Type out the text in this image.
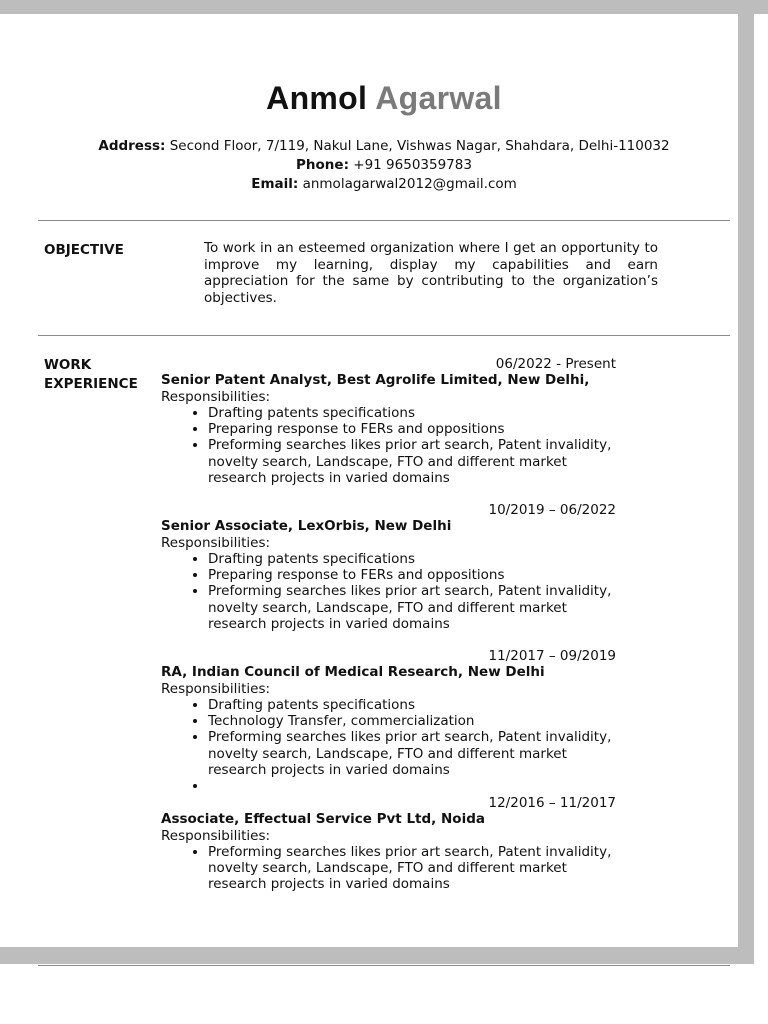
Anmol Agarwal
Address: Second Floor, 7/119, Nakul Lane, Vishwas Nagar, Shahdara, Delhi-110032
Phone: +91 9650359783
Email: anmolagarwal2012@gmail.com
OBJECTIVE	To work in an esteemed organization where I get an opportunity to improve my learning, display my capabilities and earn appreciation for the same by contributing to the organization’s objectives.
WORK
EXPERIENCE
06/2022 - Present
Senior Patent Analyst, Best Agrolife Limited, New Delhi,
Responsibilities:
• Drafting patents specifications
• Preparing response to FERs and oppositions
• Preforming searches likes prior art search, Patent invalidity, novelty search, Landscape, FTO and different market research projects in varied domains
10/2019 – 06/2022
Senior Associate, LexOrbis, New Delhi
Responsibilities:
• Drafting patents specifications
• Preparing response to FERs and oppositions
• Preforming searches likes prior art search, Patent invalidity, novelty search, Landscape, FTO and different market research projects in varied domains
11/2017 – 09/2019
RA, Indian Council of Medical Research, New Delhi
Responsibilities:
• Drafting patents specifications
• Technology Transfer, commercialization
• Preforming searches likes prior art search, Patent invalidity, novelty search, Landscape, FTO and different market research projects in varied domains
•
12/2016 – 11/2017
Associate, Effectual Service Pvt Ltd, Noida
Responsibilities:
• Preforming searches likes prior art search, Patent invalidity, novelty search, Landscape, FTO and different market research projects in varied domains
